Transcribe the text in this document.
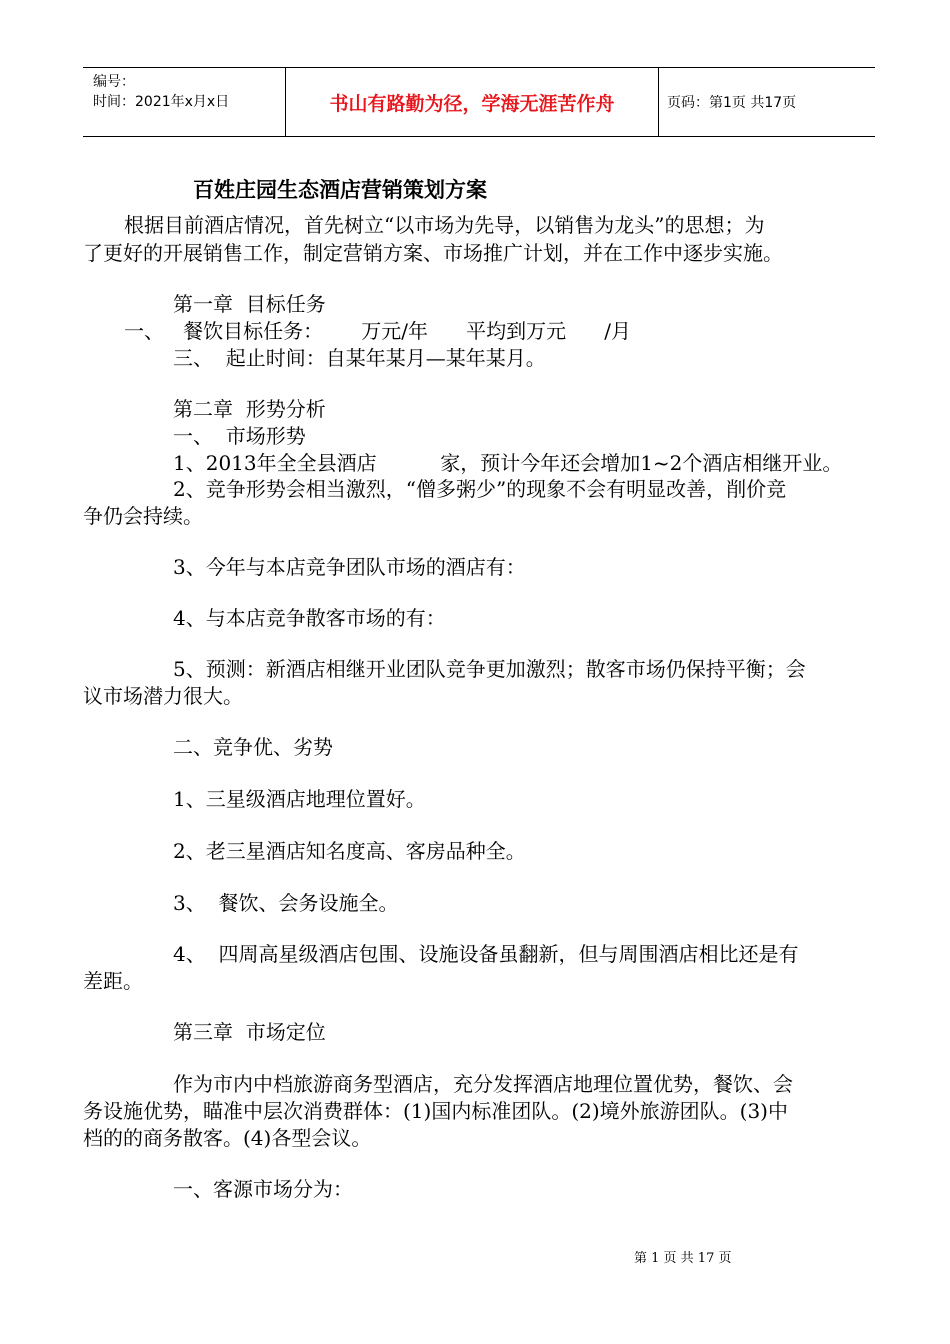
编号：
时间：2021年x月x日	书山有路勤为径，学海无涯苦作舟	页码：第1页 共17页
百姓庄园生态酒店营销策划方案
根据目前酒店情况，首先树立“以市场为先导，以销售为龙头”的思想；为
了更好的开展销售工作，制定营销方案、市场推广计划，并在工作中逐步实施。
第一章  目标任务
一、   餐饮目标任务：      万元/年      平均到万元      /月
三、  起止时间：自某年某月—某年某月。
第二章  形势分析
一、  市场形势
1、2013年全全县酒店          家，预计今年还会增加1~2个酒店相继开业。
2、竞争形势会相当激烈，“僧多粥少”的现象不会有明显改善，削价竞
争仍会持续。
3、今年与本店竞争团队市场的酒店有：
4、与本店竞争散客市场的有：
5、预测：新酒店相继开业团队竞争更加激烈；散客市场仍保持平衡；会
议市场潜力很大。
二、竞争优、劣势
1、三星级酒店地理位置好。
2、老三星酒店知名度高、客房品种全。
3、  餐饮、会务设施全。
4、  四周高星级酒店包围、设施设备虽翻新，但与周围酒店相比还是有
差距。
第三章  市场定位
作为市内中档旅游商务型酒店，充分发挥酒店地理位置优势，餐饮、会
务设施优势，瞄准中层次消费群体：(1)国内标准团队。(2)境外旅游团队。(3)中
档的的商务散客。(4)各型会议。
一、客源市场分为：
第 1 页 共 17 页
